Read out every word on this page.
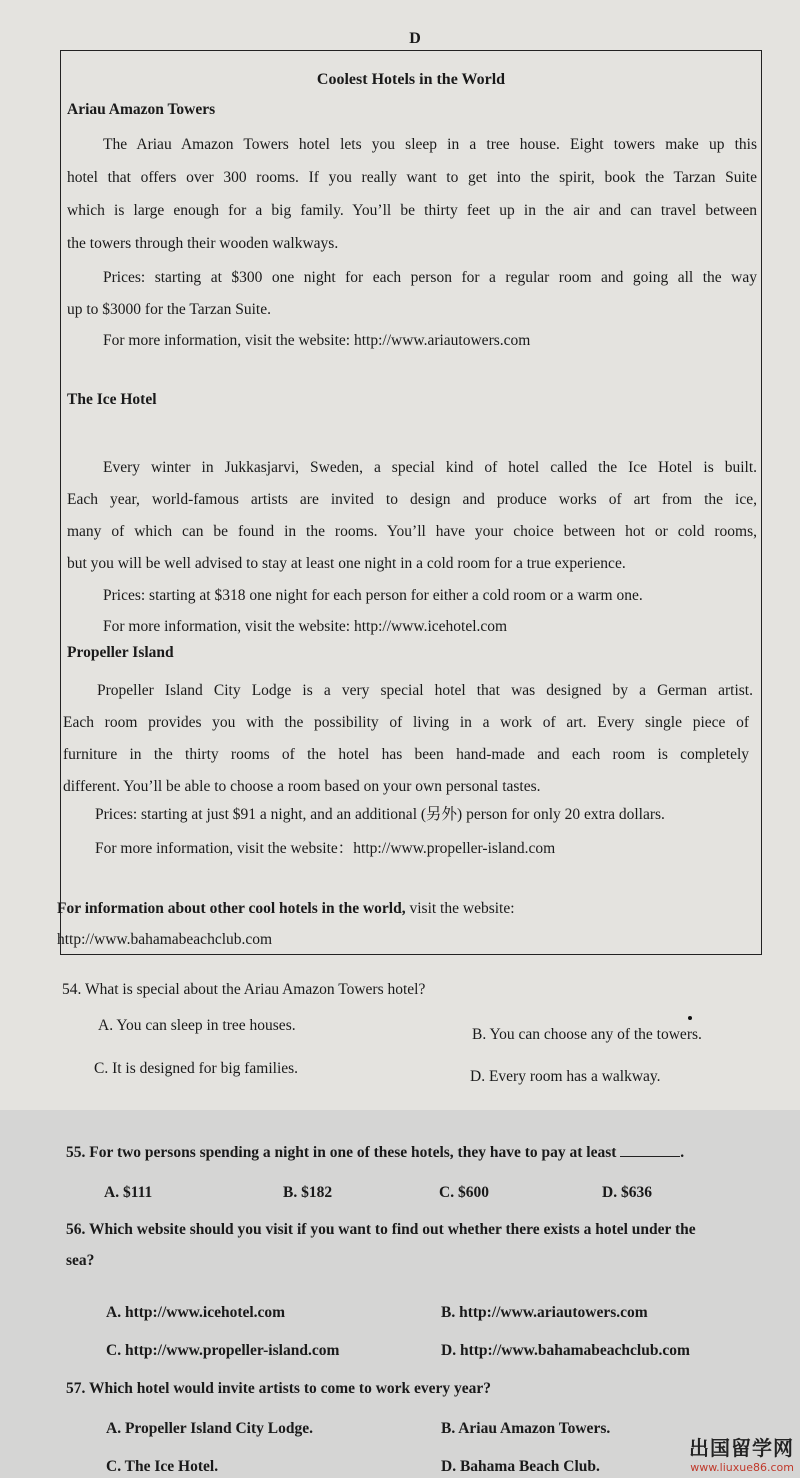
D
Coolest Hotels in the World
Ariau Amazon Towers
The Ariau Amazon Towers hotel lets you sleep in a tree house. Eight towers make up this
hotel that offers over 300 rooms. If you really want to get into the spirit, book the Tarzan Suite
which is large enough for a big family. You’ll be thirty feet up in the air and can travel between
the towers through their wooden walkways.
Prices: starting at $300 one night for each person for a regular room and going all the way
up to $3000 for the Tarzan Suite.
For more information, visit the website: http://www.ariautowers.com
The Ice Hotel
Every winter in Jukkasjarvi, Sweden, a special kind of hotel called the Ice Hotel is built.
Each year, world-famous artists are invited to design and produce works of art from the ice,
many of which can be found in the rooms. You’ll have your choice between hot or cold rooms,
but you will be well advised to stay at least one night in a cold room for a true experience.
Prices: starting at $318 one night for each person for either a cold room or a warm one.
For more information, visit the website: http://www.icehotel.com
Propeller Island
Propeller Island City Lodge is a very special hotel that was designed by a German artist.
Each room provides you with the possibility of living in a work of art. Every single piece of
furniture in the thirty rooms of the hotel has been hand-made and each room is completely
different. You’ll be able to choose a room based on your own personal tastes.
Prices: starting at just $91 a night, and an additional (另外) person for only 20 extra dollars.
For more information, visit the website：http://www.propeller-island.com
For information about other cool hotels in the world, visit the website:
http://www.bahamabeachclub.com
54. What is special about the Ariau Amazon Towers hotel?
A. You can sleep in tree houses.
B. You can choose any of the towers.
C. It is designed for big families.	D. Every room has a walkway.
55. For two persons spending a night in one of these hotels, they have to pay at least	.
A. $111	B. $182	C. $600	D. $636
56. Which website should you visit if you want to find out whether there exists a hotel under the
sea?
A. http://www.icehotel.com	B. http://www.ariautowers.com
C. http://www.propeller-island.com	D. http://www.bahamabeachclub.com
57. Which hotel would invite artists to come to work every year?
A. Propeller Island City Lodge.	B. Ariau Amazon Towers.
C. The Ice Hotel.	D. Bahama Beach Club.
出国留学网
www.liuxue86.com
